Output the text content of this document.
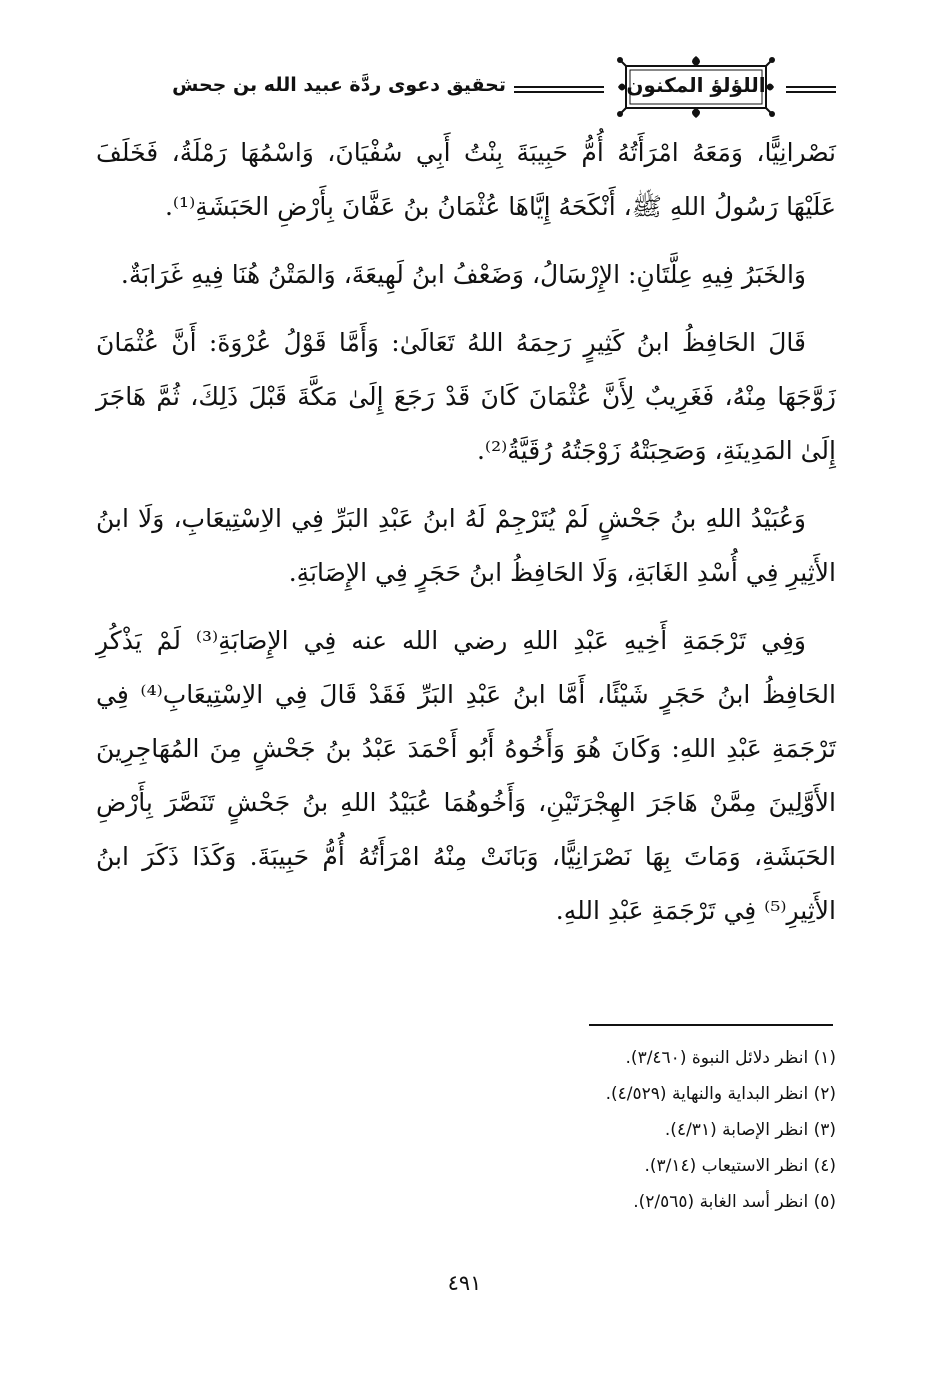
اللؤلؤ المكنون
تحقيق دعوى ردَّة عبيد الله بن جحش

نَصْرانِيًّا، وَمَعَهُ امْرَأَتُهُ أُمُّ حَبِيبَةَ بِنْتُ أَبِي سُفْيَانَ، وَاسْمُهَا رَمْلَةُ، فَخَلَفَ عَلَيْهَا رَسُولُ اللهِ ﷺ، أَنْكَحَهُ إِيَّاهَا عُثْمَانُ بنُ عَفَّانَ بِأَرْضِ الحَبَشَةِ⁽¹⁾.

وَالخَبَرُ فِيهِ عِلَّتَانِ: الإِرْسَالُ، وَضَعْفُ ابنُ لَهِيعَةَ، وَالمَتْنُ هُنَا فِيهِ غَرَابَةٌ.

قَالَ الحَافِظُ ابنُ كَثِيرٍ رَحِمَهُ اللهُ تَعَالَىٰ: وَأَمَّا قَوْلُ عُرْوَةَ: أَنَّ عُثْمَانَ زَوَّجَهَا مِنْهُ، فَغَرِيبٌ لِأَنَّ عُثْمَانَ كَانَ قَدْ رَجَعَ إِلَىٰ مَكَّةَ قَبْلَ ذَلِكَ، ثُمَّ هَاجَرَ إِلَىٰ المَدِينَةِ، وَصَحِبَتْهُ زَوْجَتُهُ رُقَيَّةُ⁽²⁾.

وَعُبَيْدُ اللهِ بنُ جَحْشٍ لَمْ يُتَرْجِمْ لَهُ ابنُ عَبْدِ البَرِّ فِي الاِسْتِيعَابِ، وَلَا ابنُ الأَثِيرِ فِي أُسْدِ الغَابَةِ، وَلَا الحَافِظُ ابنُ حَجَرٍ فِي الإِصَابَةِ.

وَفِي تَرْجَمَةِ أَخِيهِ عَبْدِ اللهِ رضي الله عنه فِي الإِصَابَةِ⁽³⁾ لَمْ يَذْكُرِ الحَافِظُ ابنُ حَجَرٍ شَيْئًا، أَمَّا ابنُ عَبْدِ البَرِّ فَقَدْ قَالَ فِي الاِسْتِيعَابِ⁽⁴⁾ فِي تَرْجَمَةِ عَبْدِ اللهِ: وَكَانَ هُوَ وَأَخُوهُ أَبُو أَحْمَدَ عَبْدُ بنُ جَحْشٍ مِنَ المُهَاجِرِينَ الأَوَّلِينَ مِمَّنْ هَاجَرَ الهِجْرَتَيْنِ، وَأَخُوهُمَا عُبَيْدُ اللهِ بنُ جَحْشٍ تَنَصَّرَ بِأَرْضِ الحَبَشَةِ، وَمَاتَ بِهَا نَصْرَانِيًّا، وَبَانَتْ مِنْهُ امْرَأَتُهُ أُمُّ حَبِيبَةَ. وَكَذَا ذَكَرَ ابنُ الأَثِيرِ⁽⁵⁾ فِي تَرْجَمَةِ عَبْدِ اللهِ.

(١) انظر دلائل النبوة (٣/٤٦٠).
(٢) انظر البداية والنهاية (٤/٥٢٩).
(٣) انظر الإصابة (٤/٣١).
(٤) انظر الاستيعاب (٣/١٤).
(٥) انظر أسد الغابة (٢/٥٦٥).
٤٩١
